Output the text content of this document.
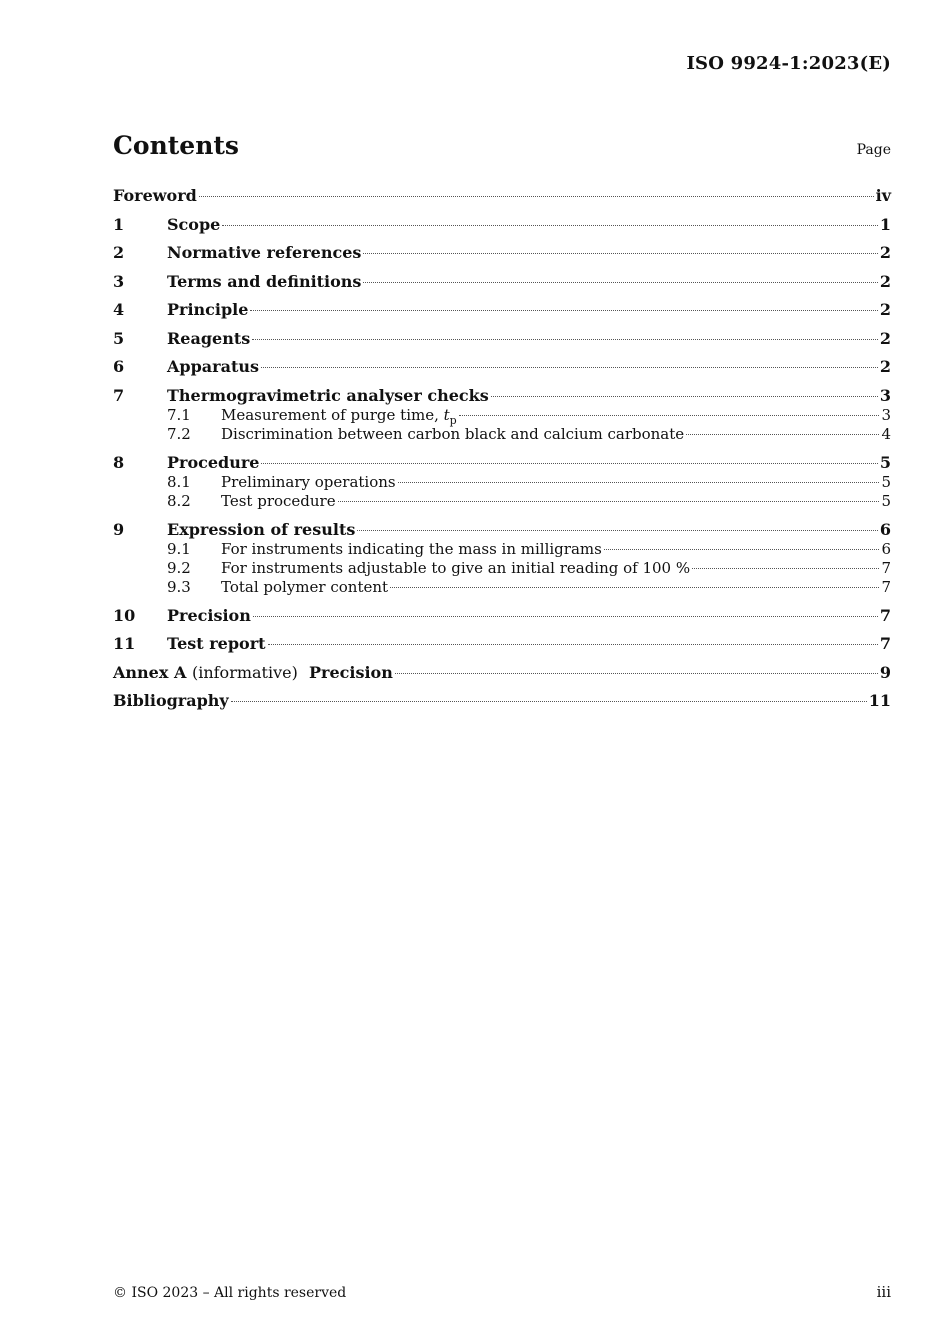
ISO 9924-1:2023(E)
Contents	Page
Foreword	iv
1	Scope	1
2	Normative references	2
3	Terms and definitions	2
4	Principle	2
5	Reagents	2
6	Apparatus	2
7	Thermogravimetric analyser checks	3
7.1	Measurement of purge time, $t_p$	3
7.2	Discrimination between carbon black and calcium carbonate	4
8	Procedure	5
8.1	Preliminary operations	5
8.2	Test procedure	5
9	Expression of results	6
9.1	For instruments indicating the mass in milligrams	6
9.2	For instruments adjustable to give an initial reading of 100 %	7
9.3	Total polymer content	7
10	Precision	7
11	Test report	7
Annex A (informative) Precision	9
Bibliography	11
© ISO 2023 – All rights reserved	iii
